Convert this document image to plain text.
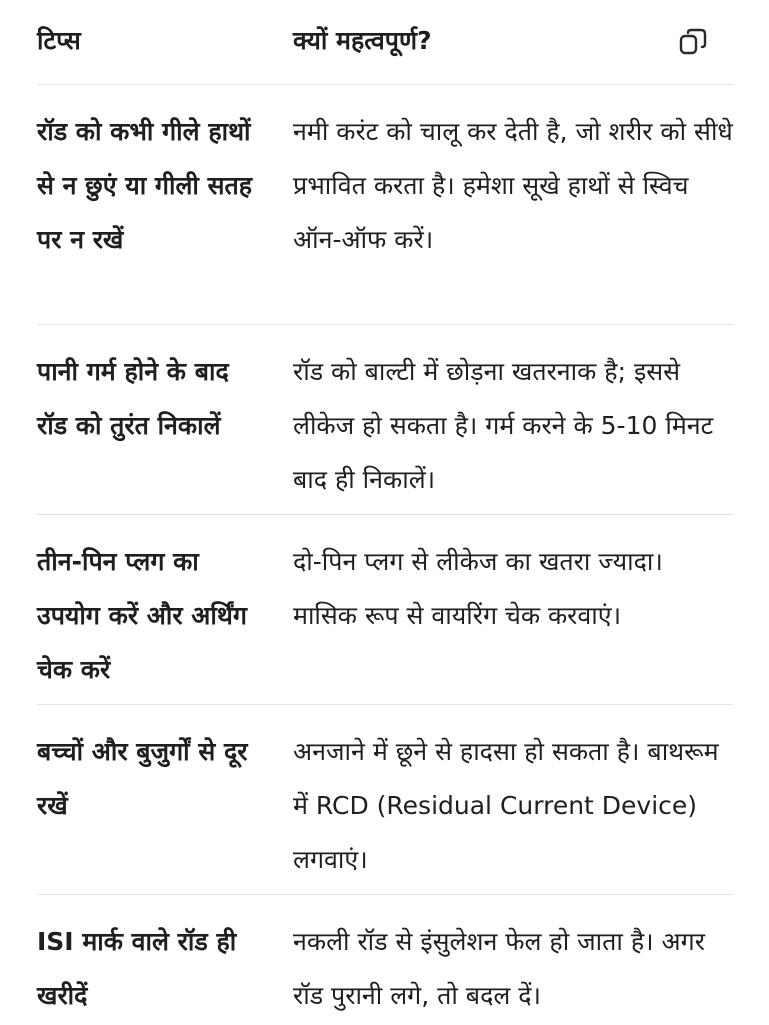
टिप्स	क्यों महत्वपूर्ण?
रॉड को कभी गीले हाथों से न छुएं या गीली सतह पर न रखें
नमी करंट को चालू कर देती है, जो शरीर को सीधे प्रभावित करता है। हमेशा सूखे हाथों से स्विच ऑन-ऑफ करें।
पानी गर्म होने के बाद रॉड को तुरंत निकालें
रॉड को बाल्टी में छोड़ना खतरनाक है; इससे लीकेज हो सकता है। गर्म करने के 5-10 मिनट बाद ही निकालें।
तीन-पिन प्लग का उपयोग करें और अर्थिंग चेक करें
दो-पिन प्लग से लीकेज का खतरा ज्यादा। मासिक रूप से वायरिंग चेक करवाएं।
बच्चों और बुजुर्गों से दूर रखें
अनजाने में छूने से हादसा हो सकता है। बाथरूम में RCD (Residual Current Device) लगवाएं।
ISI मार्क वाले रॉड ही खरीदें
नकली रॉड से इंसुलेशन फेल हो जाता है। अगर रॉड पुरानी लगे, तो बदल दें।
